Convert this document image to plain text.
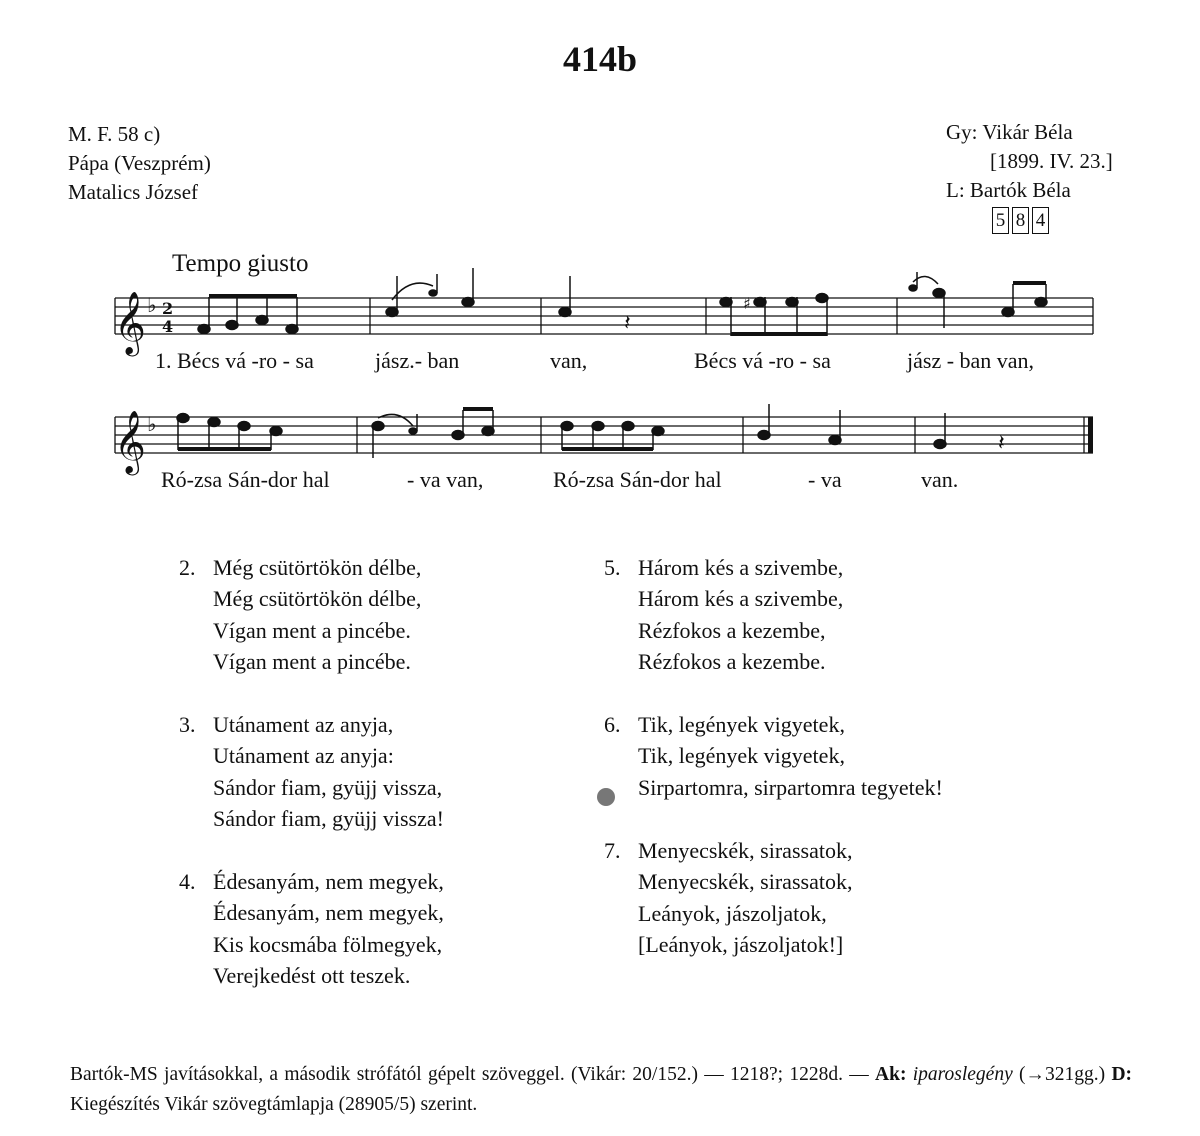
414b
M. F. 58 c)
Pápa (Veszprém)
Matalics József
Gy: Vikár Béla
[1899. IV. 23.]
L: Bartók Béla
5 8 4
Tempo giusto
𝄞
𝄞
♭
♭
2
4	𝄽
♯
𝄽
1. Bécs vá -ro - sa	jász.- ban	van,	Bécs vá -ro - sa	jász - ban van,
Ró-zsa Sán-dor hal	- va van,	Ró-zsa Sán-dor hal	- va	van.
2. Még csütörtökön délbe,
Még csütörtökön délbe,
Vígan ment a pincébe.
Vígan ment a pincébe.
3. Utánament az anyja,
Utánament az anyja:
Sándor fiam, gyüjj vissza,
Sándor fiam, gyüjj vissza!
4. Édesanyám, nem megyek,
Édesanyám, nem megyek,
Kis kocsmába fölmegyek,
Verejkedést ott teszek.
5. Három kés a szivembe,
Három kés a szivembe,
Rézfokos a kezembe,
Rézfokos a kezembe.
6. Tik, legények vigyetek,
Tik, legények vigyetek,
Sirpartomra, sirpartomra tegyetek!
7. Menyecskék, sirassatok,
Menyecskék, sirassatok,
Leányok, jászoljatok,
[Leányok, jászoljatok!]
Bartók-MS javításokkal, a második strófától gépelt szöveggel. (Vikár: 20/152.) — 1218?; 1228d. — Ak: iparoslegény (→321gg.) D: Kiegészítés Vikár szövegtámlapja (28905/5) szerint.
